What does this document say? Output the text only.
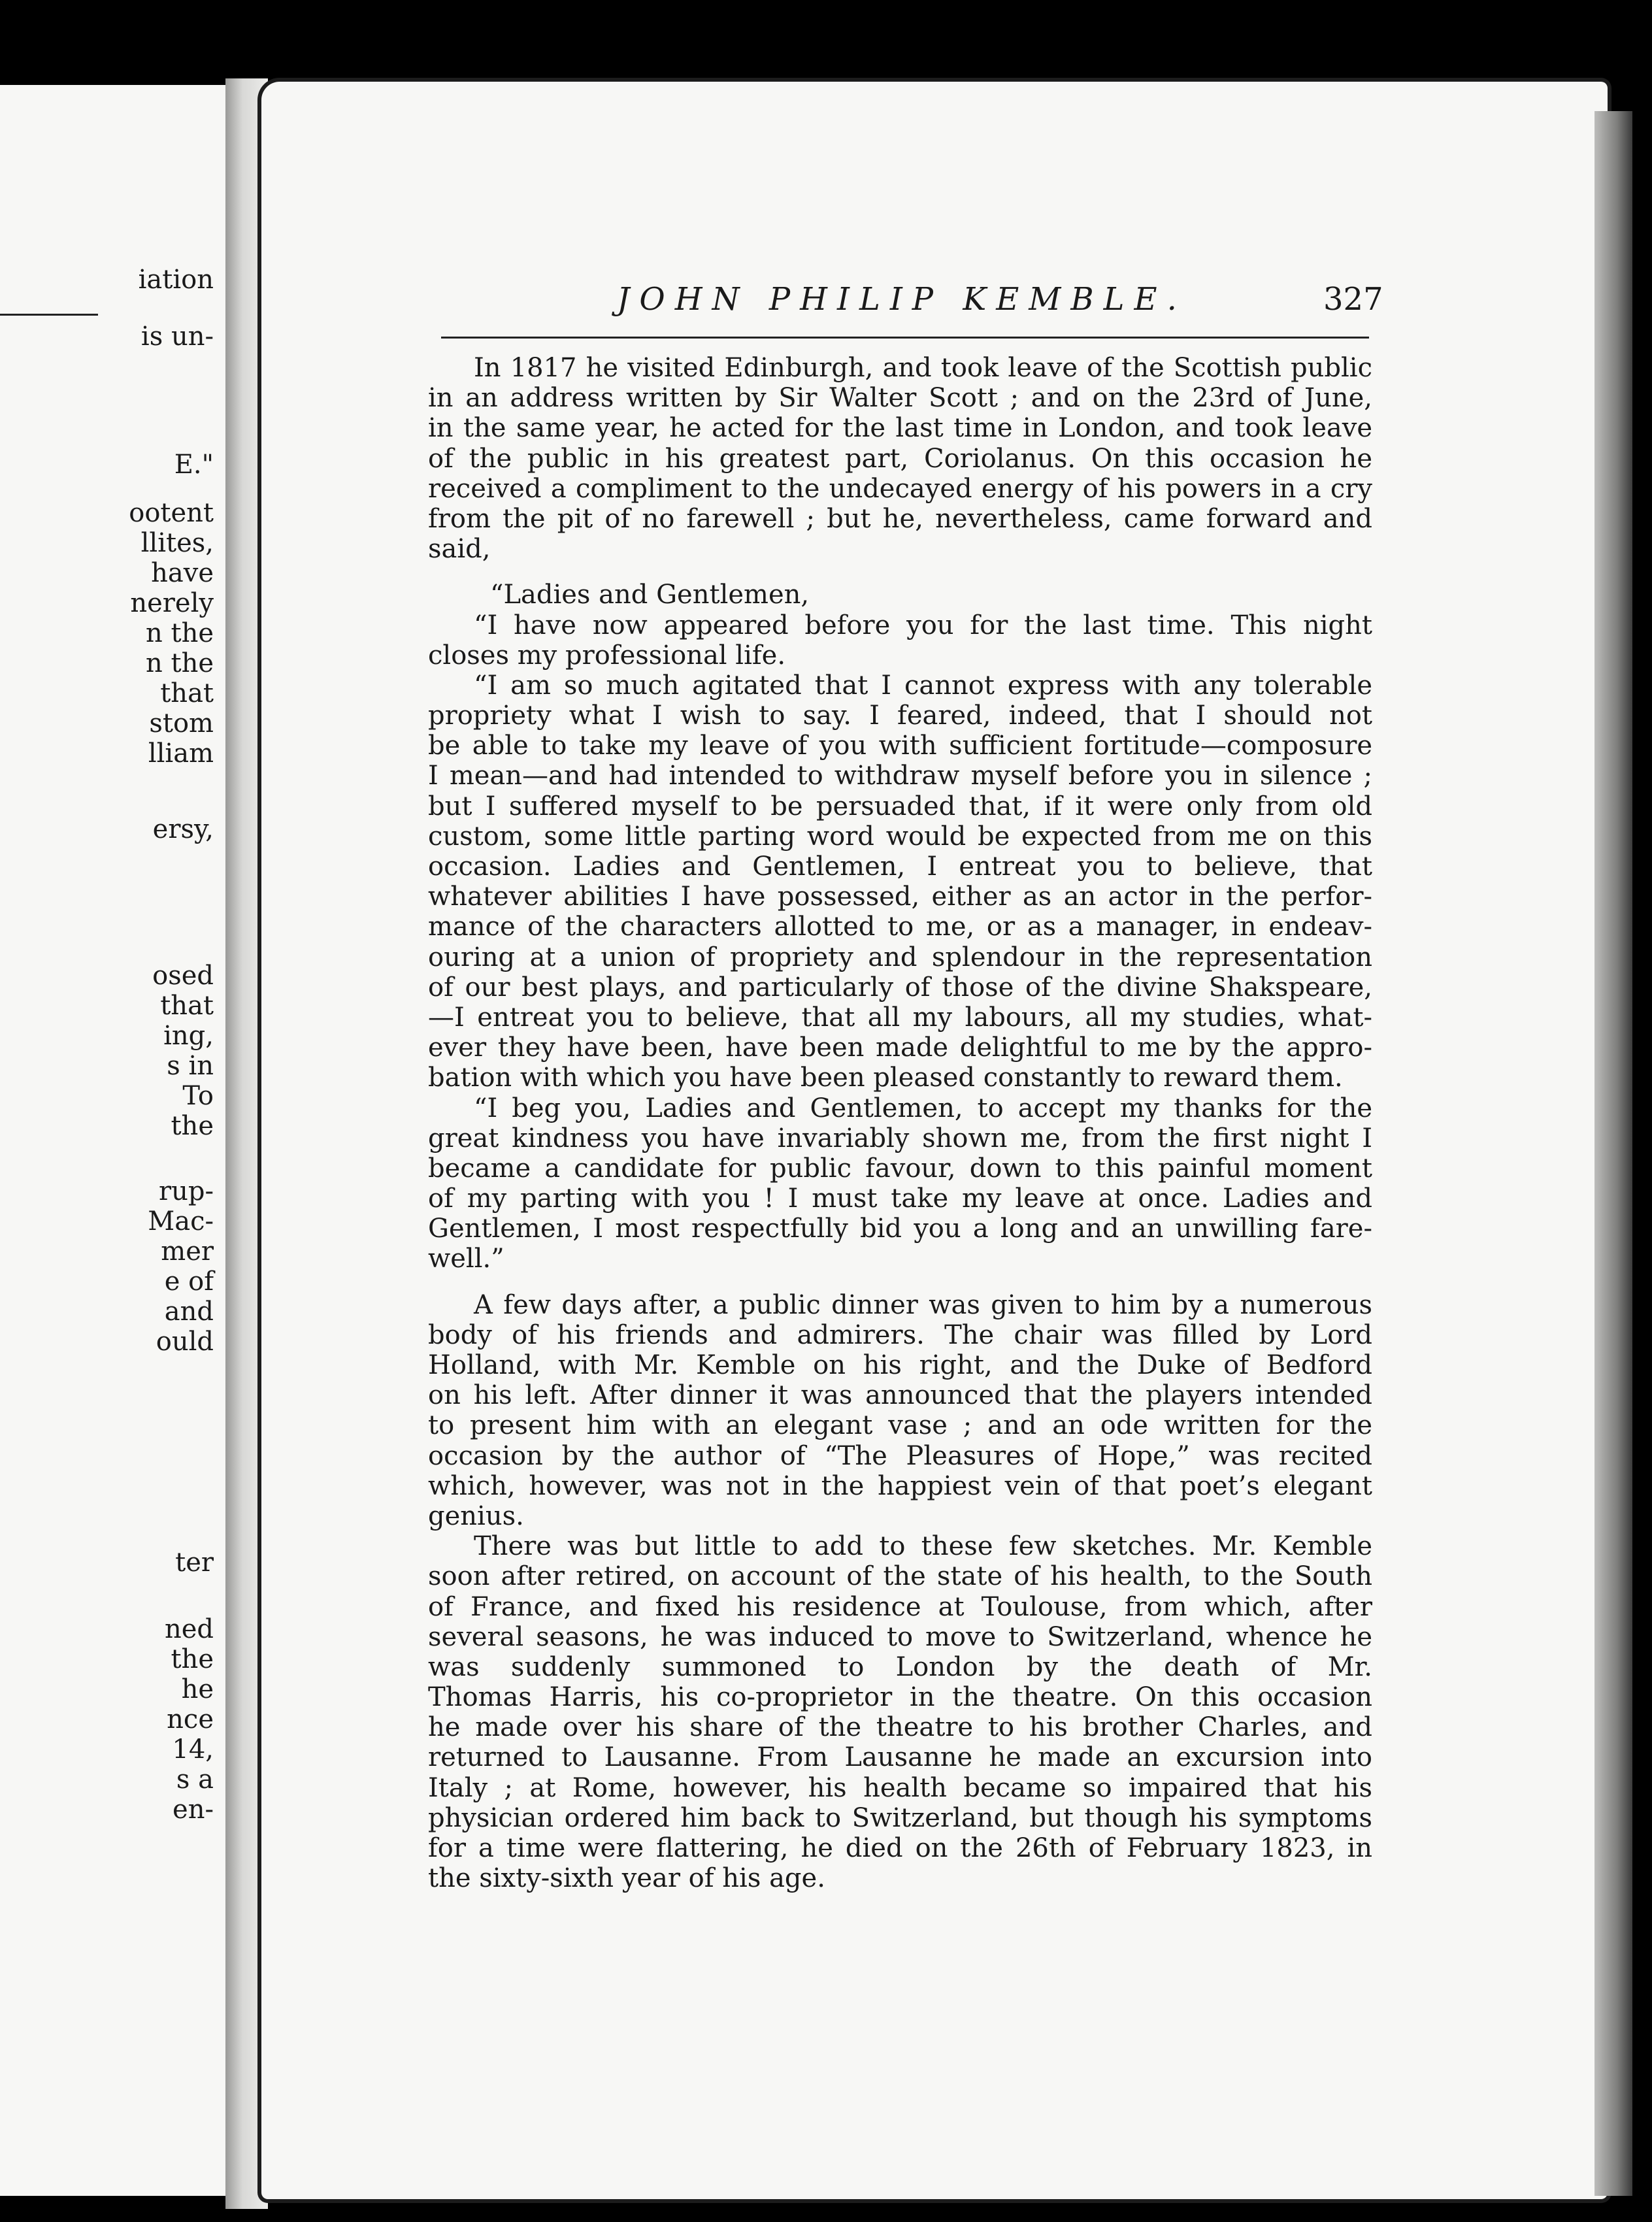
iation
is un-
E."
ootent
llites,
have
nerely
n the
n the
that
stom
lliam
ersy,
osed
that
ing,
s in
To
the
rup-
Mac-
mer
e of
and
ould
ter
ned
the
he
nce
14,
s a
en-
JOHN PHILIP KEMBLE.	327
In 1817 he visited Edinburgh, and took leave of the Scottish public
in an address written by Sir Walter Scott ; and on the 23rd of June,
in the same year, he acted for the last time in London, and took leave
of the public in his greatest part, Coriolanus. On this occasion he
received a compliment to the undecayed energy of his powers in a cry
from the pit of no farewell ; but he, nevertheless, came forward and
said,
“Ladies and Gentlemen,
“I have now appeared before you for the last time. This night
closes my professional life.
“I am so much agitated that I cannot express with any tolerable
propriety what I wish to say. I feared, indeed, that I should not
be able to take my leave of you with sufficient fortitude—composure
I mean—and had intended to withdraw myself before you in silence ;
but I suffered myself to be persuaded that, if it were only from old
custom, some little parting word would be expected from me on this
occasion. Ladies and Gentlemen, I entreat you to believe, that
whatever abilities I have possessed, either as an actor in the perfor-
mance of the characters allotted to me, or as a manager, in endeav-
ouring at a union of propriety and splendour in the representation
of our best plays, and particularly of those of the divine Shakspeare,
—I entreat you to believe, that all my labours, all my studies, what-
ever they have been, have been made delightful to me by the appro-
bation with which you have been pleased constantly to reward them.
“I beg you, Ladies and Gentlemen, to accept my thanks for the
great kindness you have invariably shown me, from the first night I
became a candidate for public favour, down to this painful moment
of my parting with you ! I must take my leave at once. Ladies and
Gentlemen, I most respectfully bid you a long and an unwilling fare-
well.”
A few days after, a public dinner was given to him by a numerous
body of his friends and admirers. The chair was filled by Lord
Holland, with Mr. Kemble on his right, and the Duke of Bedford
on his left. After dinner it was announced that the players intended
to present him with an elegant vase ; and an ode written for the
occasion by the author of “The Pleasures of Hope,” was recited
which, however, was not in the happiest vein of that poet’s elegant
genius.
There was but little to add to these few sketches. Mr. Kemble
soon after retired, on account of the state of his health, to the South
of France, and fixed his residence at Toulouse, from which, after
several seasons, he was induced to move to Switzerland, whence he
was suddenly summoned to London by the death of Mr.
Thomas Harris, his co-proprietor in the theatre. On this occasion
he made over his share of the theatre to his brother Charles, and
returned to Lausanne. From Lausanne he made an excursion into
Italy ; at Rome, however, his health became so impaired that his
physician ordered him back to Switzerland, but though his symptoms
for a time were flattering, he died on the 26th of February 1823, in
the sixty-sixth year of his age.
